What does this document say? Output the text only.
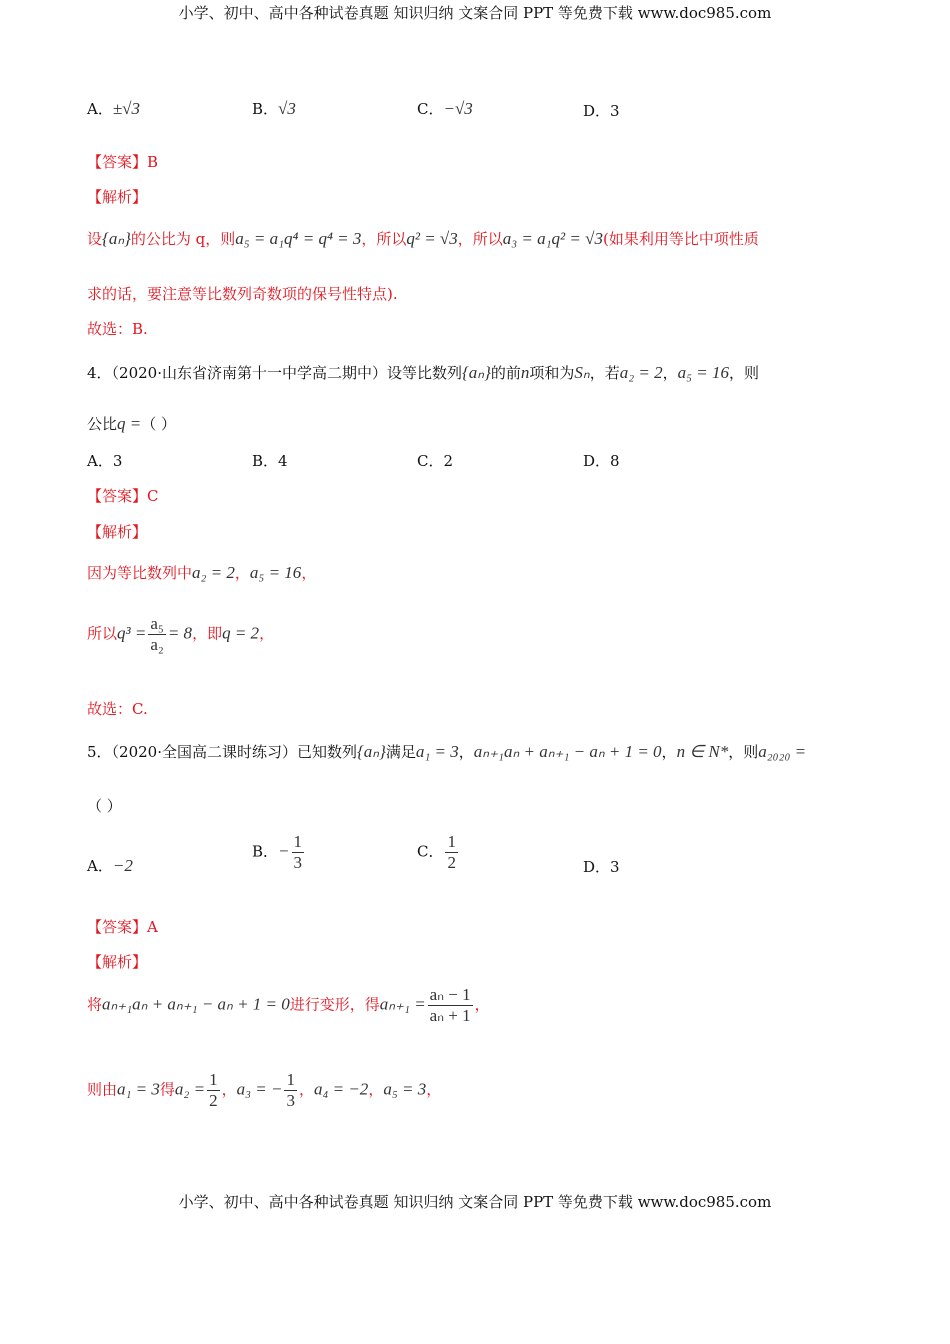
小学、初中、高中各种试卷真题 知识归纳 文案合同 PPT 等免费下载 www.doc985.com
A．±√3	B．√3	C．−√3	D．3
【答案】B
【解析】
设{aₙ}的公比为 q，则a₅ = a₁q⁴ = q⁴ = 3，所以q² = √3，所以a₃ = a₁q² = √3(如果利用等比中项性质
求的话，要注意等比数列奇数项的保号性特点).
故选：B.
4．（2020·山东省济南第十一中学高二期中）设等比数列{aₙ}的前n项和为Sₙ，若a₂ = 2，a₅ = 16，则
公比q =（ ）
A．3	B．4	C．2	D．8
【答案】C
【解析】
因为等比数列中a₂ = 2，a₅ = 16，
所以$q^3 = \frac{\text{a₅}}{\text{a₂}} = 8$，即q = 2，
故选：C.
5．（2020·全国高二课时练习）已知数列{aₙ}满足a₁ = 3，aₙ₊₁aₙ + aₙ₊₁ − aₙ + 1 = 0，n ∈ N*，则a₂₀₂₀ =
（ ）
A．−2
B．− $\frac{1}{3}$	C． $\frac{1}{2}$	D．3
【答案】A
【解析】
将aₙ₊₁aₙ + aₙ₊₁ − aₙ + 1 = 0进行变形，得$a_{n+1} = \frac{\text{aₙ − 1}}{\text{aₙ + 1}}$ ，
则由a₁ = 3得$a_2 = \frac{1}{2}$ ，a₃ = − $\frac{1}{3}$ ，a₄ = −2，a₅ = 3，
小学、初中、高中各种试卷真题 知识归纳 文案合同 PPT 等免费下载 www.doc985.com
